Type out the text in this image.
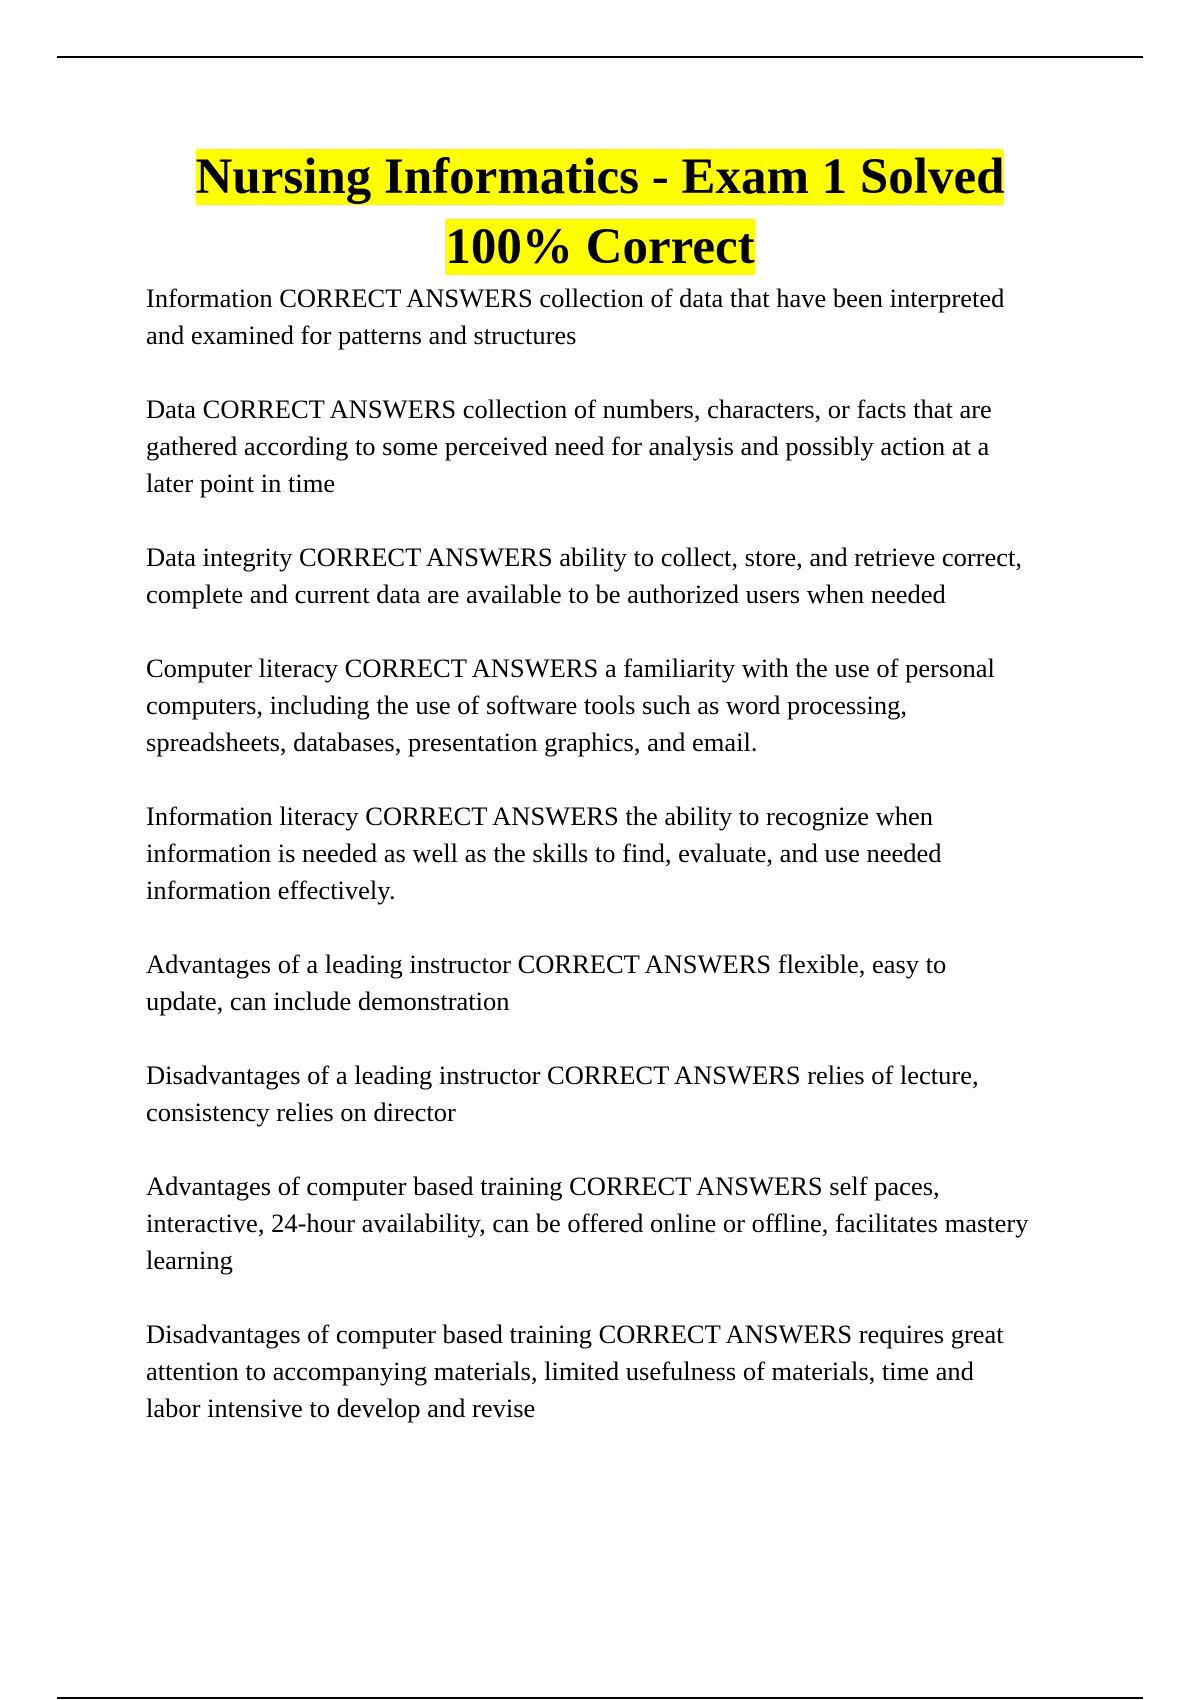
Nursing Informatics - Exam 1 Solved
100% Correct

Information CORRECT ANSWERS collection of data that have been interpreted
and examined for patterns and structures

Data CORRECT ANSWERS collection of numbers, characters, or facts that are
gathered according to some perceived need for analysis and possibly action at a
later point in time

Data integrity CORRECT ANSWERS ability to collect, store, and retrieve correct,
complete and current data are available to be authorized users when needed

Computer literacy CORRECT ANSWERS a familiarity with the use of personal
computers, including the use of software tools such as word processing,
spreadsheets, databases, presentation graphics, and email.

Information literacy CORRECT ANSWERS the ability to recognize when
information is needed as well as the skills to find, evaluate, and use needed
information effectively.

Advantages of a leading instructor CORRECT ANSWERS flexible, easy to
update, can include demonstration

Disadvantages of a leading instructor CORRECT ANSWERS relies of lecture,
consistency relies on director

Advantages of computer based training CORRECT ANSWERS self paces,
interactive, 24-hour availability, can be offered online or offline, facilitates mastery
learning

Disadvantages of computer based training CORRECT ANSWERS requires great
attention to accompanying materials, limited usefulness of materials, time and
labor intensive to develop and revise
